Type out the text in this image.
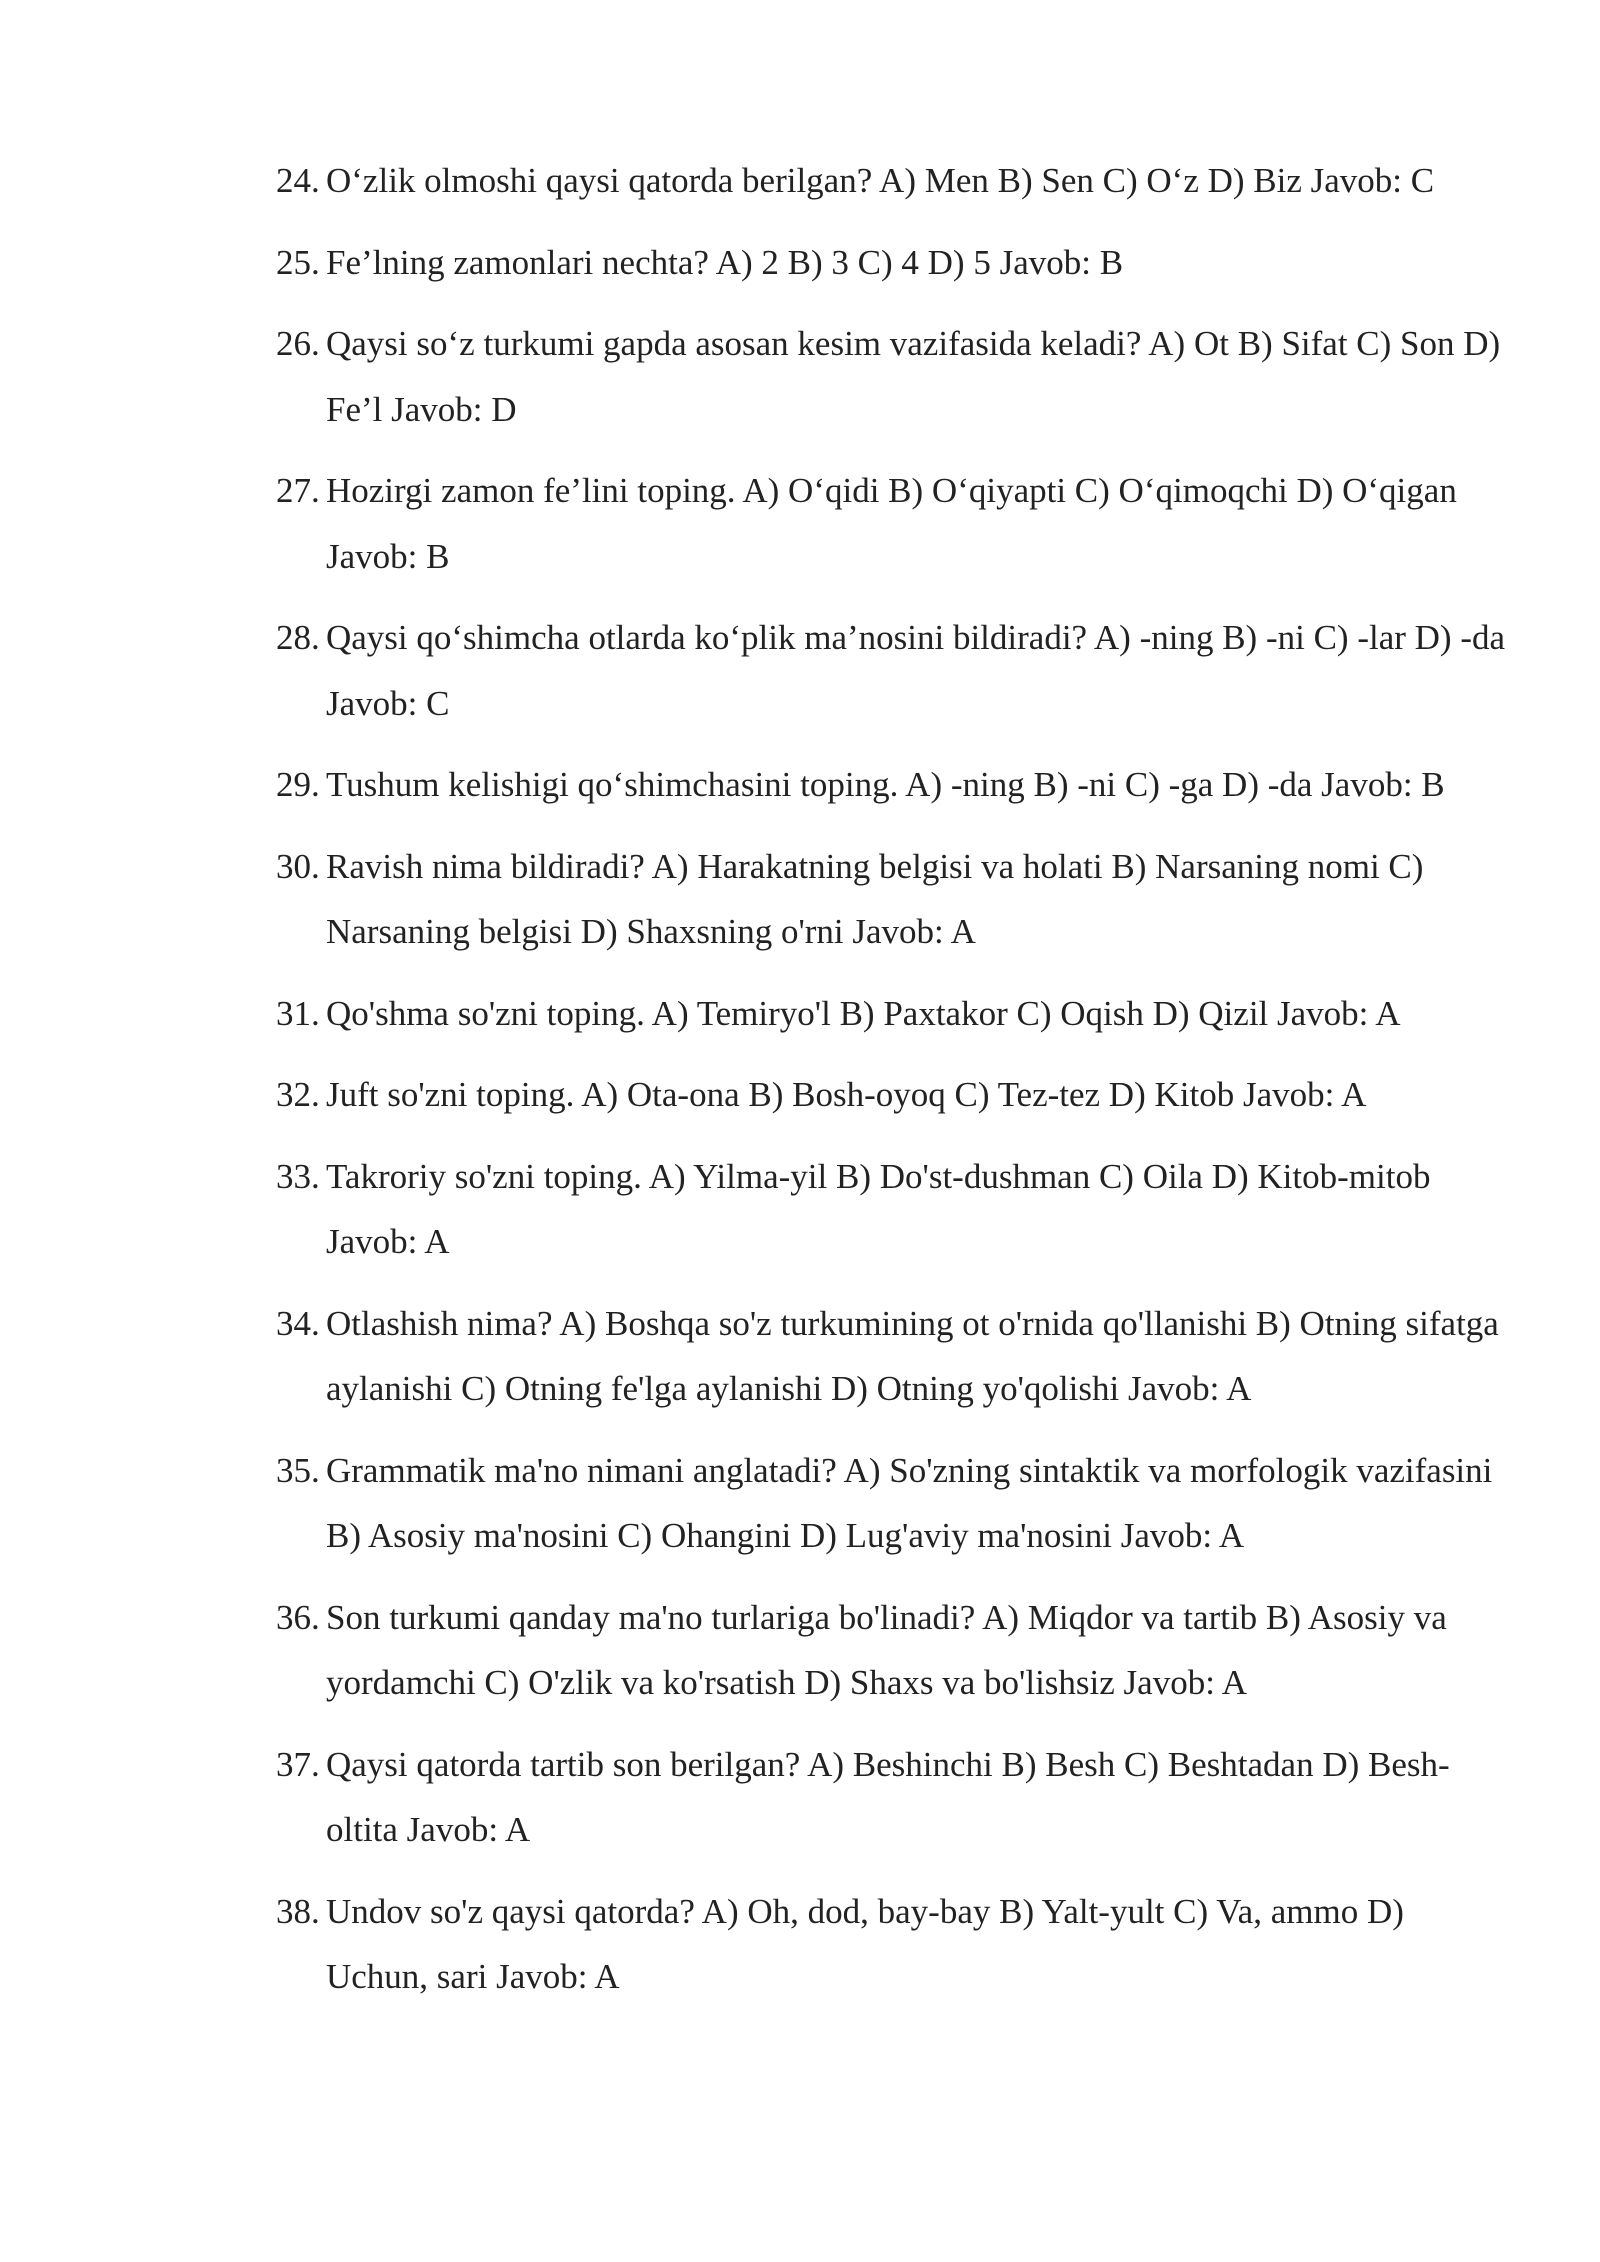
24. O‘zlik olmoshi qaysi qatorda berilgan? A) Men B) Sen C) O‘z D) Biz Javob: C
25. Fe’lning zamonlari nechta? A) 2 B) 3 C) 4 D) 5 Javob: B
26. Qaysi so‘z turkumi gapda asosan kesim vazifasida keladi? A) Ot B) Sifat C) Son D) Fe’l Javob: D
27. Hozirgi zamon fe’lini toping. A) O‘qidi B) O‘qiyapti C) O‘qimoqchi D) O‘qigan Javob: B
28. Qaysi qo‘shimcha otlarda ko‘plik ma’nosini bildiradi? A) -ning B) -ni C) -lar D) -da Javob: C
29. Tushum kelishigi qo‘shimchasini toping. A) -ning B) -ni C) -ga D) -da Javob: B
30. Ravish nima bildiradi? A) Harakatning belgisi va holati B) Narsaning nomi C) Narsaning belgisi D) Shaxsning o'rni Javob: A
31. Qo'shma so'zni toping. A) Temiryo'l B) Paxtakor C) Oqish D) Qizil Javob: A
32. Juft so'zni toping. A) Ota-ona B) Bosh-oyoq C) Tez-tez D) Kitob Javob: A
33. Takroriy so'zni toping. A) Yilma-yil B) Do'st-dushman C) Oila D) Kitob-mitob Javob: A
34. Otlashish nima? A) Boshqa so'z turkumining ot o'rnida qo'llanishi B) Otning sifatga aylanishi C) Otning fe'lga aylanishi D) Otning yo'qolishi Javob: A
35. Grammatik ma'no nimani anglatadi? A) So'zning sintaktik va morfologik vazifasini B) Asosiy ma'nosini C) Ohangini D) Lug'aviy ma'nosini Javob: A
36. Son turkumi qanday ma'no turlariga bo'linadi? A) Miqdor va tartib B) Asosiy va yordamchi C) O'zlik va ko'rsatish D) Shaxs va bo'lishsiz Javob: A
37. Qaysi qatorda tartib son berilgan? A) Beshinchi B) Besh C) Beshtadan D) Besh-oltita Javob: A
38. Undov so'z qaysi qatorda? A) Oh, dod, bay-bay B) Yalt-yult C) Va, ammo D) Uchun, sari Javob: A
